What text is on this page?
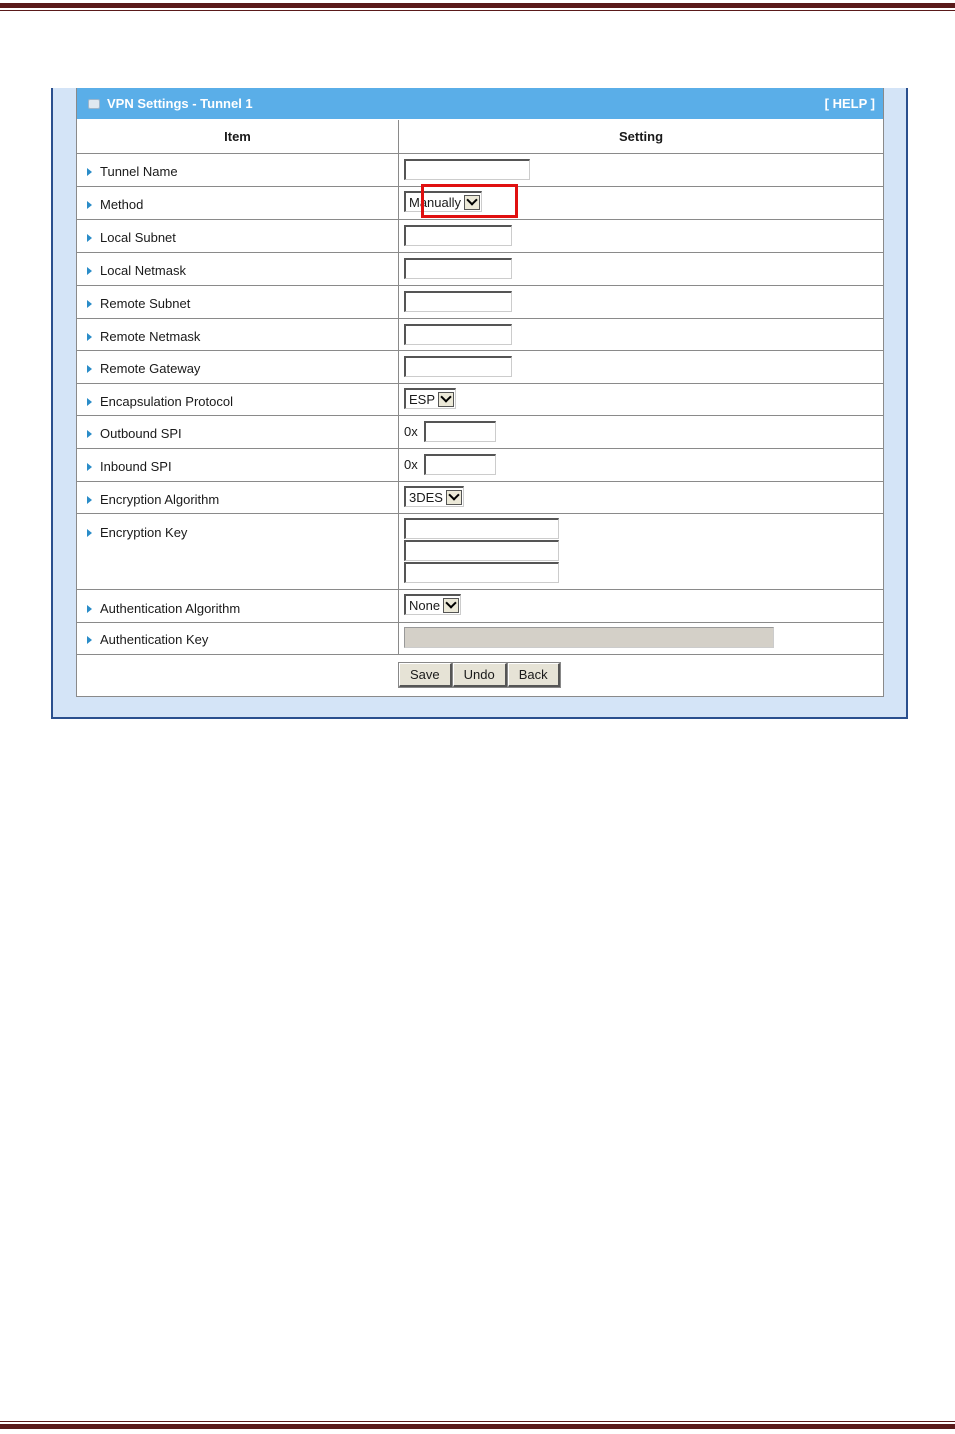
VPN Settings - Tunnel 1	[ HELP ]
Item	Setting
Tunnel Name
Method	Manually
Local Subnet
Local Netmask
Remote Subnet
Remote Netmask
Remote Gateway
Encapsulation Protocol	ESP
Outbound SPI	0x
Inbound SPI	0x
Encryption Algorithm	3DES
Encryption Key
Authentication Algorithm	None
Authentication Key
Save	Undo	Back
